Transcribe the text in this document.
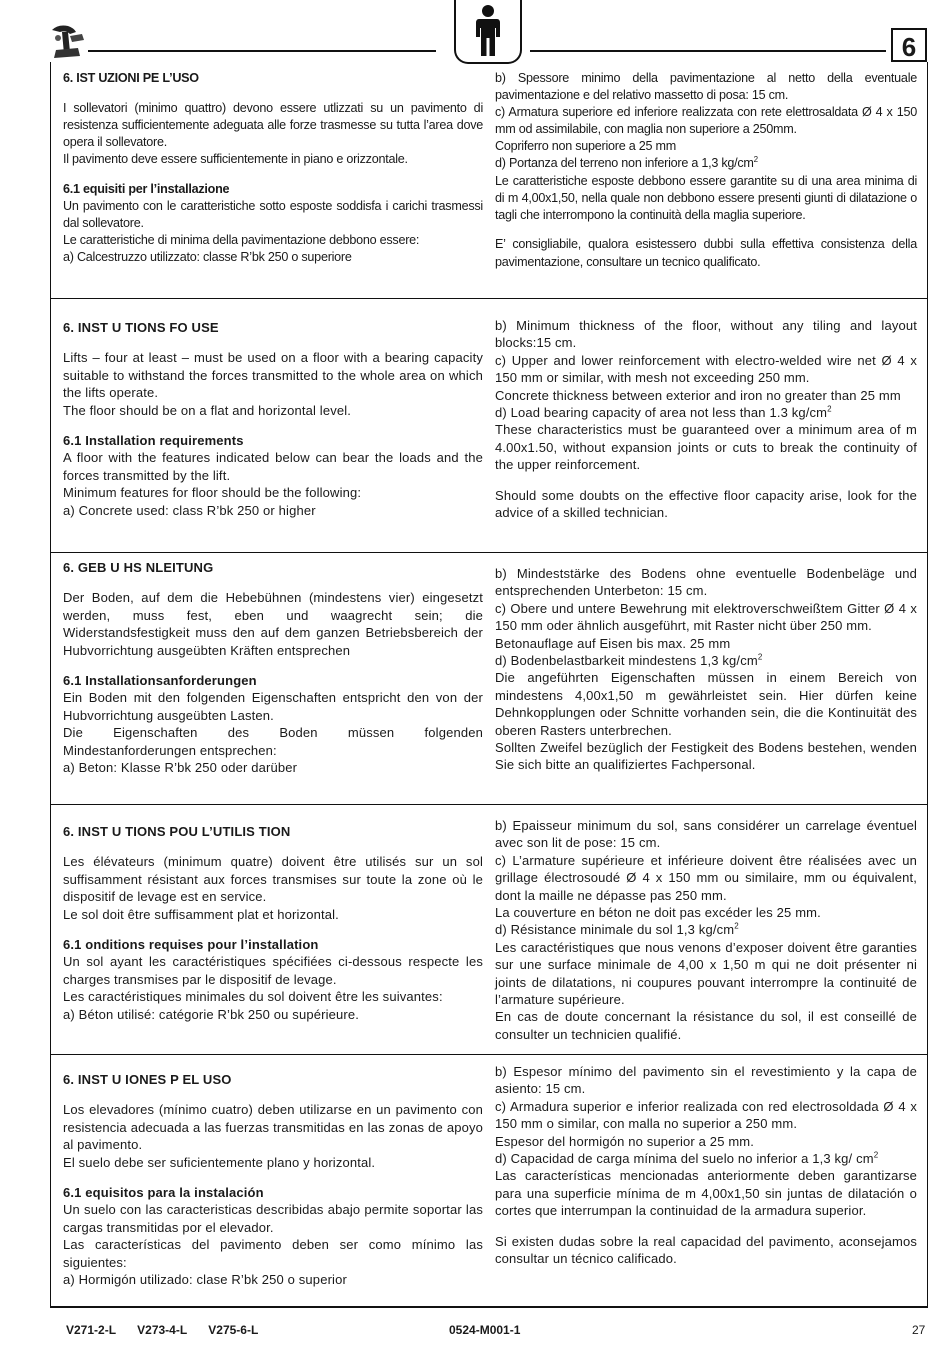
6

6. IST UZIONI PE L’USO

I sollevatori (minimo quattro) devono essere utlizzati su un pavimento di resistenza sufficientemente adeguata alle forze trasmesse su tutta l’area dove opera il sollevatore.

Il pavimento deve essere sufficientemente in piano e orizzontale.

6.1 equisiti per l’installazione

Un pavimento con le caratteristiche sotto esposte soddisfa i carichi trasmessi dal sollevatore.

Le caratteristiche di minima della pavimentazione debbono essere:

a) Calcestruzzo utilizzato: classe R’bk 250 o superiore

b) Spessore minimo della pavimentazione al netto della eventuale pavimentazione e del relativo massetto di posa: 15 cm.

c) Armatura superiore ed inferiore realizzata con rete elettrosaldata Ø 4 x 150 mm od assimilabile, con maglia non superiore a 250mm.

Copriferro non superiore a 25 mm

d) Portanza del terreno non inferiore a 1,3 $kg/cm^2$

Le caratteristiche esposte debbono essere garantite su di una area minima di di m 4,00x1,50, nella quale non debbono essere presenti giunti di dilatazione o tagli che interrompono la continuità della maglia superiore.

E’ consigliabile, qualora esistessero dubbi sulla effettiva consistenza della pavimentazione, consultare un tecnico qualificato.

6. INST U TIONS FO USE

Lifts – four at least – must be used on a floor with a bearing capacity suitable to withstand the forces transmitted to the whole area on which the lifts operate.

The floor should be on a flat and horizontal level.

6.1 Installation requirements

A floor with the features indicated below can bear the loads and the forces transmitted by the lift.

Minimum features for floor should be the following:

a) Concrete used: class R’bk 250 or higher

b) Minimum thickness of the floor, without any tiling and layout blocks:15 cm.

c) Upper and lower reinforcement with electro-welded wire net Ø 4 x 150 mm or similar, with mesh not exceeding 250 mm.

Concrete thickness between exterior and iron no greater than 25 mm

d) Load bearing capacity of area not less than 1.3 $kg/cm^2$

These characteristics must be guaranteed over a minimum area of m 4.00x1.50, without expansion joints or cuts to break the continuity of the upper reinforcement.

Should some doubts on the effective floor capacity arise, look for the advice of a skilled technician.

6. GEB U HS NLEITUNG

Der Boden, auf dem die Hebebühnen (mindestens vier) eingesetzt werden, muss fest, eben und waagrecht sein; die Widerstandsfestigkeit muss den auf dem ganzen Betriebsbereich der Hubvorrichtung ausgeübten Kräften entsprechen

6.1 Installationsanforderungen

Ein Boden mit den folgenden Eigenschaften entspricht den von der Hubvorrichtung ausgeübten Lasten.

Die Eigenschaften des Boden müssen folgenden Mindestanforderungen entsprechen:

a) Beton: Klasse R’bk 250 oder darüber

b) Mindeststärke des Bodens ohne eventuelle Bodenbeläge und entsprechenden Unterbeton: 15 cm.

c) Obere und untere Bewehrung mit elektroverschweißtem Gitter Ø 4 x 150 mm oder ähnlich ausgeführt, mit Raster nicht über 250 mm.

Betonauflage auf Eisen bis max. 25 mm

d) Bodenbelastbarkeit mindestens 1,3 $kg/cm^2$

Die angeführten Eigenschaften müssen in einem Bereich von mindestens 4,00x1,50 m gewährleistet sein. Hier dürfen keine Dehnkopplungen oder Schnitte vorhanden sein, die die Kontinuität des oberen Rasters unterbrechen.

Sollten Zweifel bezüglich der Festigkeit des Bodens bestehen, wenden Sie sich bitte an qualifiziertes Fachpersonal.

6. INST U TIONS POU L’UTILIS TION

Les élévateurs (minimum quatre) doivent être utilisés sur un sol suffisamment résistant aux forces transmises sur toute la zone où le dispositif de levage est en service.

Le sol doit être suffisamment plat et horizontal.

6.1 onditions requises pour l’installation

Un sol ayant les caractéristiques spécifiées ci-dessous respecte les charges transmises par le dispositif de levage.

Les caractéristiques minimales du sol doivent être les suivantes:

a) Béton utilisé: catégorie R’bk 250 ou supérieure.

b) Epaisseur minimum du sol, sans considérer un carrelage éventuel avec son lit de pose: 15 cm.

c) L’armature supérieure et inférieure doivent être réalisées avec un grillage électrosoudé Ø 4 x 150 mm ou similaire, mm ou équivalent, dont la maille ne dépasse pas 250 mm.

La couverture en béton ne doit pas excéder les 25 mm.

d) Résistance minimale du sol 1,3 $kg/cm^2$

Les caractéristiques que nous venons d’exposer doivent être garanties sur une surface minimale de 4,00 x 1,50 m qui ne doit présenter ni joints de dilatations, ni coupures pouvant interrompre la continuité de l’armature supérieure.

En cas de doute concernant la résistance du sol, il est conseillé de consulter un technicien qualifié.

6. INST U IONES P EL USO

Los elevadores (mínimo cuatro) deben utilizarse en un pavimento con resistencia adecuada a las fuerzas transmitidas en las zonas de apoyo al pavimento.

El suelo debe ser suficientemente plano y horizontal.

6.1 equisitos para la instalación

Un suelo con las caracteristicas describidas abajo permite soportar las cargas transmitidas por el elevador.

Las características del pavimento deben ser como mínimo las siguientes:

a) Hormigón utilizado: clase R’bk 250 o superior

b) Espesor mínimo del pavimento sin el revestimiento y la capa de asiento: 15 cm.

c) Armadura superior e inferior realizada con red electrosoldada Ø 4 x 150 mm o similar, con malla no superior a 250 mm.

Espesor del hormigón no superior a 25 mm.

d) Capacidad de carga mínima del suelo no inferior a 1,3 kg/ $cm^2$

Las características mencionadas anteriormente deben garantizarse para una superficie mínima de m 4,00x1,50 sin juntas de dilatación o cortes que interrumpan la continuidad de la armadura superior.

Si existen dudas sobre la real capacidad del pavimento, aconsejamos consultar un técnico calificado.

V271-2-L V273-4-L V275-6-L	0524-M001-1	27
